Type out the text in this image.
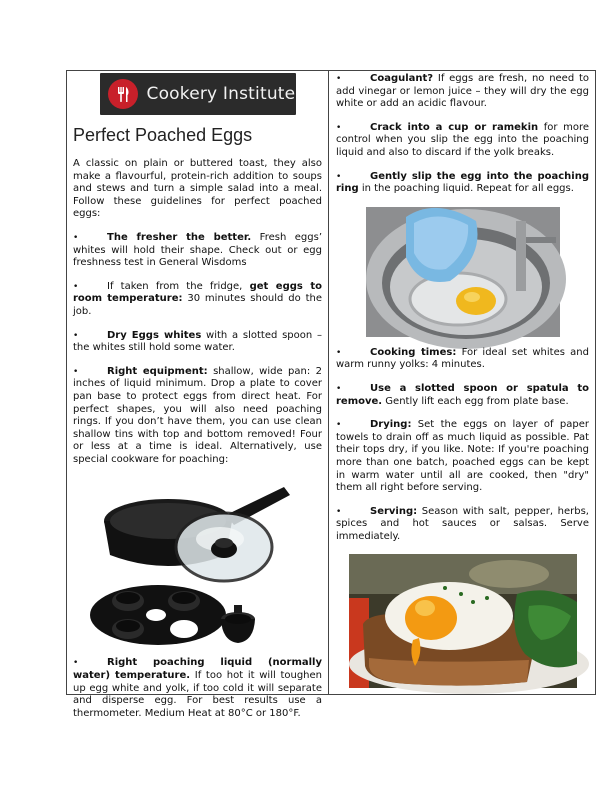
Cookery Institute
Perfect Poached Eggs

A classic on plain or buttered toast, they also make a flavourful, protein-rich addition to soups and stews and turn a simple salad into a meal. Follow these guidelines for perfect poached eggs:

•	The fresher the better. Fresh eggs’ whites will hold their shape. Check out or egg freshness test in General Wisdoms

•	If taken from the fridge, get eggs to room temperature: 30 minutes should do the job.

•	Dry Eggs whites with a slotted spoon – the whites still hold some water.

•	Right equipment: shallow, wide pan: 2 inches of liquid minimum. Drop a plate to cover pan base to protect eggs from direct heat. For perfect shapes, you will also need poaching rings. If you don’t have them, you can use clean shallow tins with top and bottom removed! Four or less at a time is ideal. Alternatively, use special cookware for poaching:

•	Right poaching liquid (normally water) temperature. If too hot it will toughen up egg white and yolk, if too cold it will separate and disperse egg. For best results use a thermometer. Medium Heat at 80°C or 180°F.

•	Coagulant? If eggs are fresh, no need to add vinegar or lemon juice – they will dry the egg white or add an acidic flavour.

•	Crack into a cup or ramekin for more control when you slip the egg into the poaching liquid and also to discard if the yolk breaks.

•	Gently slip the egg into the poaching ring in the poaching liquid. Repeat for all eggs.

•	Cooking times: For ideal set whites and warm runny yolks: 4 minutes.

•	Use a slotted spoon or spatula to remove. Gently lift each egg from plate base.

•	Drying: Set the eggs on layer of paper towels to drain off as much liquid as possible. Pat their tops dry, if you like. Note: If you're poaching more than one batch, poached eggs can be kept in warm water until all are cooked, then "dry" them all right before serving.

•	Serving: Season with salt, pepper, herbs, spices and hot sauces or salsas. Serve immediately.
